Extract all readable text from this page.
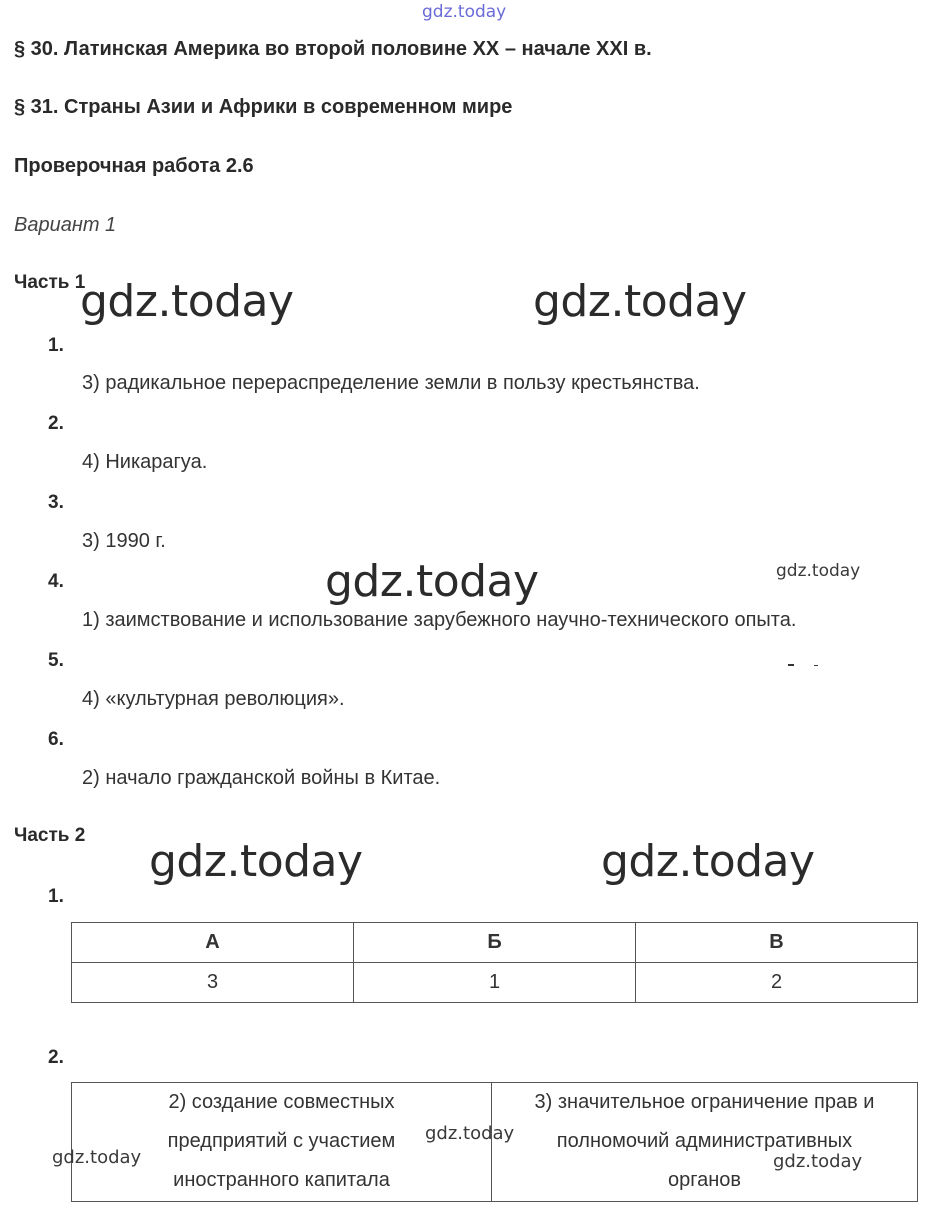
gdz.today
§ 30. Латинская Америка во второй половине XX – начале XXI в.
§ 31. Страны Азии и Африки в современном мире
Проверочная работа 2.6
Вариант 1
Часть 1
gdz.today	gdz.today
1.
3) радикальное перераспределение земли в пользу крестьянства.
2.
4) Никарагуа.
3.
3) 1990 г.
4.	gdz.today	gdz.today
1) заимствование и использование зарубежного научно-технического опыта.
5.
4) «культурная революция».
6.
2) начало гражданской войны в Китае.
Часть 2
gdz.today	gdz.today
1.
А	Б	В
3	1	2
2.
2) создание совместных
предприятий с участием
иностранного капитала

3) значительное ограничение прав и
полномочий административных
органов
gdz.today
gdz.today	gdz.today
